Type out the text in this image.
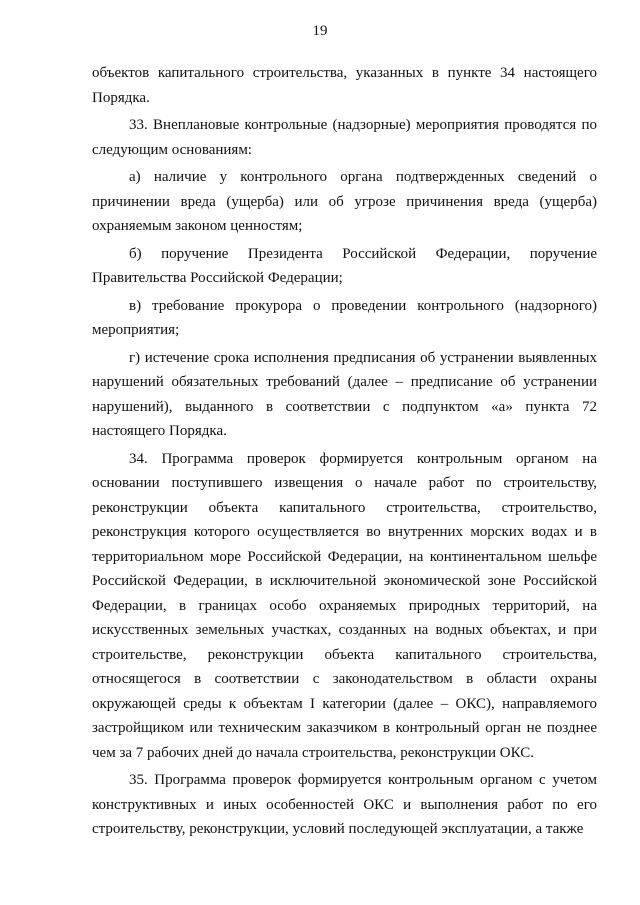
19

объектов капитального строительства, указанных в пункте 34 настоящего Порядка.

33. Внеплановые контрольные (надзорные) мероприятия проводятся по следующим основаниям:

а) наличие у контрольного органа подтвержденных сведений о причинении вреда (ущерба) или об угрозе причинения вреда (ущерба) охраняемым законом ценностям;

б) поручение Президента Российской Федерации, поручение Правительства Российской Федерации;

в) требование прокурора о проведении контрольного (надзорного) мероприятия;

г) истечение срока исполнения предписания об устранении выявленных нарушений обязательных требований (далее – предписание об устранении нарушений), выданного в соответствии с подпунктом «а» пункта 72 настоящего Порядка.

34. Программа проверок формируется контрольным органом на основании поступившего извещения о начале работ по строительству, реконструкции объекта капитального строительства, строительство, реконструкция которого осуществляется во внутренних морских водах и в территориальном море Российской Федерации, на континентальном шельфе Российской Федерации, в исключительной экономической зоне Российской Федерации, в границах особо охраняемых природных территорий, на искусственных земельных участках, созданных на водных объектах, и при строительстве, реконструкции объекта капитального строительства, относящегося в соответствии с законодательством в области охраны окружающей среды к объектам I категории (далее – ОКС), направляемого застройщиком или техническим заказчиком в контрольный орган не позднее чем за 7 рабочих дней до начала строительства, реконструкции ОКС.

35. Программа проверок формируется контрольным органом с учетом конструктивных и иных особенностей ОКС и выполнения работ по его строительству, реконструкции, условий последующей эксплуатации, а также
